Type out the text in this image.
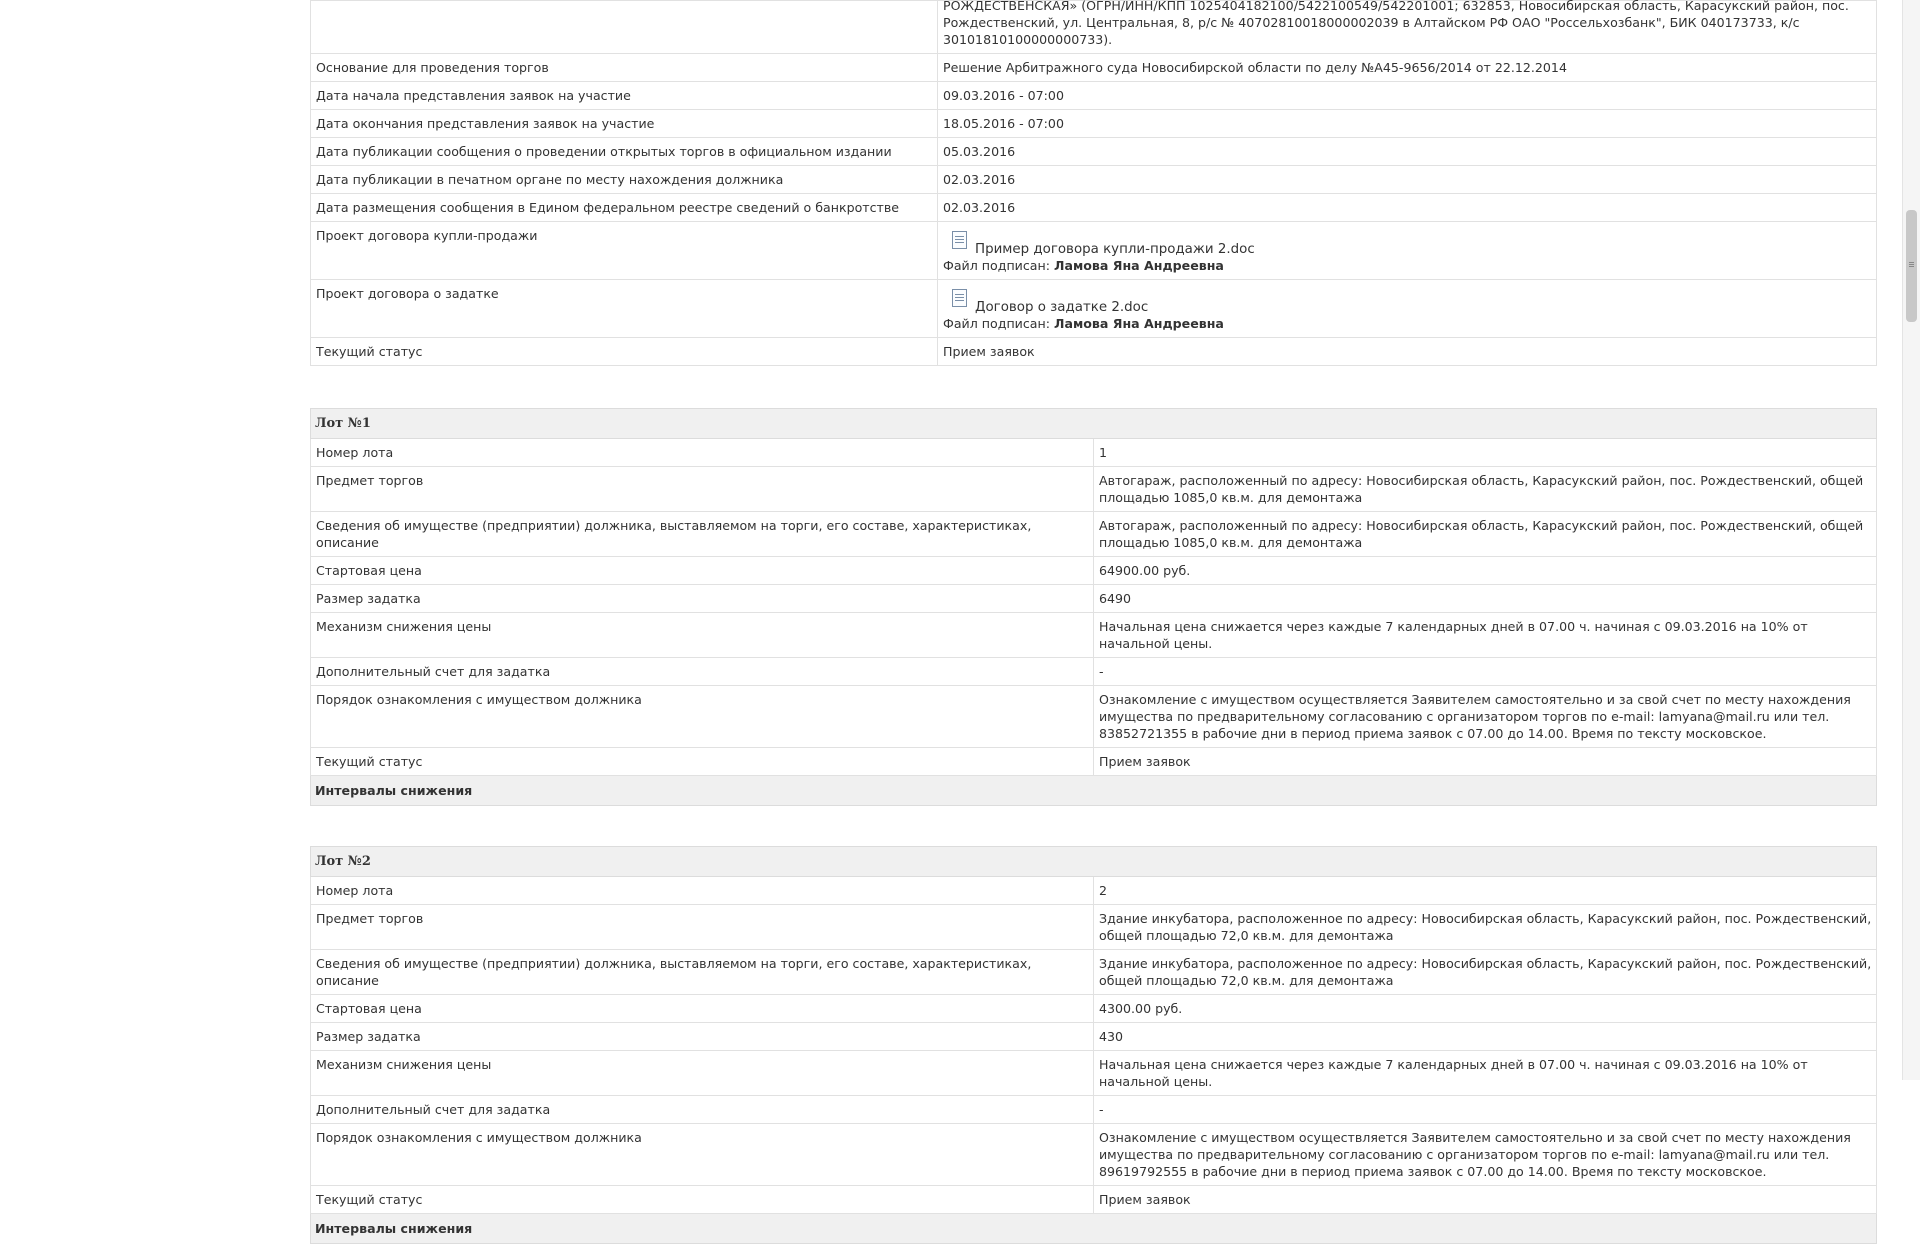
	РОЖДЕСТВЕНСКАЯ» (ОГРН/ИНН/КПП 1025404182100/5422100549/542201001; 632853, Новосибирская область, Карасукский район, пос. Рождественский, ул. Центральная, 8, р/с № 40702810018000002039 в Алтайском РФ ОАО "Россельхозбанк", БИК 040173733, к/с 30101810100000000733).

Основание для проведения торгов	Решение Арбитражного суда Новосибирской области по делу №А45-9656/2014 от 22.12.2014
Дата начала представления заявок на участие	09.03.2016 - 07:00
Дата окончания представления заявок на участие	18.05.2016 - 07:00
Дата публикации сообщения о проведении открытых торгов в официальном издании	05.03.2016
Дата публикации в печатном органе по месту нахождения должника	02.03.2016
Дата размещения сообщения в Едином федеральном реестре сведений о банкротстве	02.03.2016
Проект договора купли-продажи	Пример договора купли-продажи 2.doc
Файл подписан: Ламова Яна Андреевна

Проект договора о задатке	Договор о задатке 2.doc
Файл подписан: Ламова Яна Андреевна

Текущий статус	Прием заявок
Лот №1	
Номер лота	1
Предмет торгов	Автогараж, расположенный по адресу: Новосибирская область, Карасукский район, пос. Рождественский, общей площадью 1085,0 кв.м. для демонтажа
Сведения об имуществе (предприятии) должника, выставляемом на торги, его составе, характеристиках, описание	Автогараж, расположенный по адресу: Новосибирская область, Карасукский район, пос. Рождественский, общей площадью 1085,0 кв.м. для демонтажа
Стартовая цена	64900.00 руб.
Размер задатка	6490
Механизм снижения цены	Начальная цена снижается через каждые 7 календарных дней в 07.00 ч. начиная с 09.03.2016 на 10% от начальной цены.
Дополнительный счет для задатка	-
Порядок ознакомления с имуществом должника	Ознакомление с имуществом осуществляется Заявителем самостоятельно и за свой счет по месту нахождения имущества по предварительному согласованию с организатором торгов по e-mail: lamyana@mail.ru или тел. 83852721355 в рабочие дни в период приема заявок с 07.00 до 14.00. Время по тексту московское.
Текущий статус	Прием заявок
Интервалы снижения	
Лот №2	
Номер лота	2
Предмет торгов	Здание инкубатора, расположенное по адресу: Новосибирская область, Карасукский район, пос. Рождественский, общей площадью 72,0 кв.м. для демонтажа
Сведения об имуществе (предприятии) должника, выставляемом на торги, его составе, характеристиках, описание	Здание инкубатора, расположенное по адресу: Новосибирская область, Карасукский район, пос. Рождественский, общей площадью 72,0 кв.м. для демонтажа
Стартовая цена	4300.00 руб.
Размер задатка	430
Механизм снижения цены	Начальная цена снижается через каждые 7 календарных дней в 07.00 ч. начиная с 09.03.2016 на 10% от начальной цены.
Дополнительный счет для задатка	-
Порядок ознакомления с имуществом должника	Ознакомление с имуществом осуществляется Заявителем самостоятельно и за свой счет по месту нахождения имущества по предварительному согласованию с организатором торгов по e-mail: lamyana@mail.ru или тел. 89619792555 в рабочие дни в период приема заявок с 07.00 до 14.00. Время по тексту московское.
Текущий статус	Прием заявок
Интервалы снижения	
